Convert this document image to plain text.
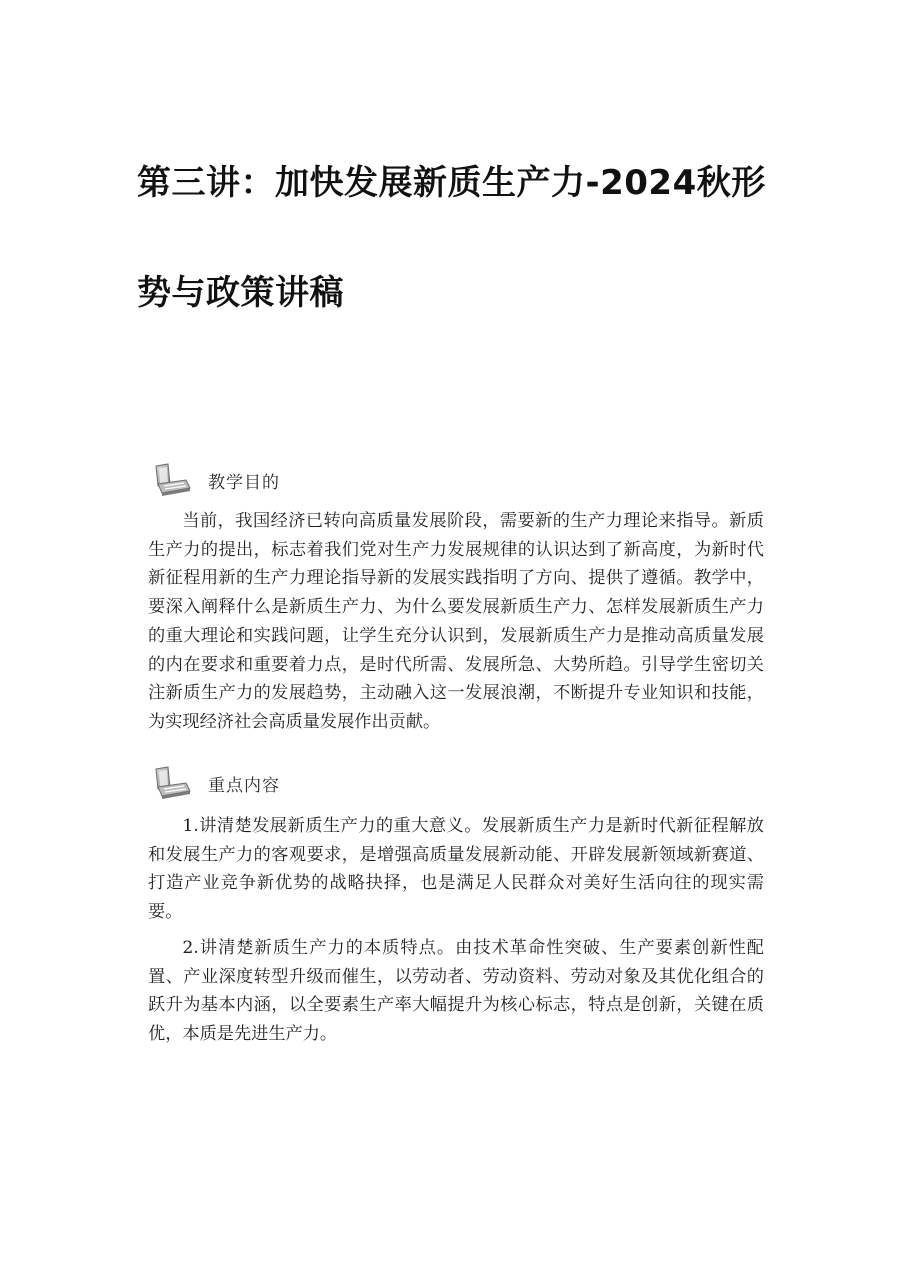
第三讲：加快发展新质生产力-2024秋形势与政策讲稿
教学目的

当前，我国经济已转向高质量发展阶段，需要新的生产力理论来指导。新质生产力的提出，标志着我们党对生产力发展规律的认识达到了新高度，为新时代新征程用新的生产力理论指导新的发展实践指明了方向、提供了遵循。教学中，要深入阐释什么是新质生产力、为什么要发展新质生产力、怎样发展新质生产力的重大理论和实践问题，让学生充分认识到，发展新质生产力是推动高质量发展的内在要求和重要着力点，是时代所需、发展所急、大势所趋。引导学生密切关注新质生产力的发展趋势，主动融入这一发展浪潮，不断提升专业知识和技能，为实现经济社会高质量发展作出贡献。

重点内容

1.讲清楚发展新质生产力的重大意义。发展新质生产力是新时代新征程解放和发展生产力的客观要求，是增强高质量发展新动能、开辟发展新领域新赛道、打造产业竞争新优势的战略抉择，也是满足人民群众对美好生活向往的现实需要。

2.讲清楚新质生产力的本质特点。由技术革命性突破、生产要素创新性配置、产业深度转型升级而催生，以劳动者、劳动资料、劳动对象及其优化组合的跃升为基本内涵，以全要素生产率大幅提升为核心标志，特点是创新，关键在质优，本质是先进生产力。
